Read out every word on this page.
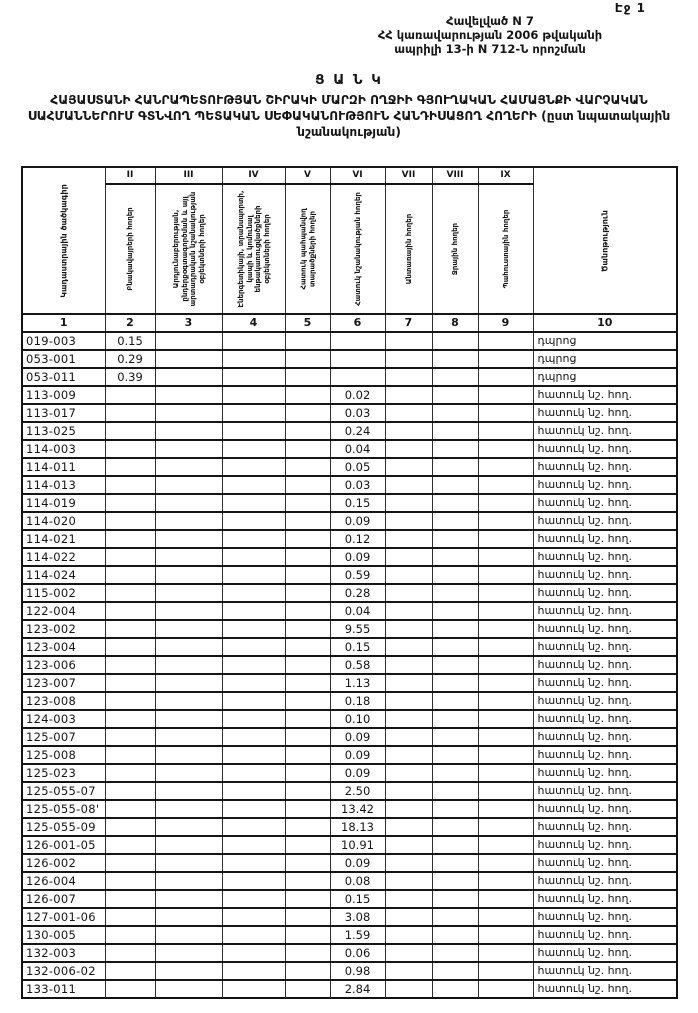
Էջ 1
Հավելված N 7
ՀՀ կառավարության 2006 թվականի
ապրիլի 13-ի N 712-Ն որոշման
Ց Ա Ն Կ
ՀԱՅԱՍՏԱՆԻ ՀԱՆՐԱՊԵՏՈՒԹՅԱՆ ՇԻՐԱԿԻ ՄԱՐԶԻ ՈՂՋԻԻ ԳՅՈՒՂԱԿԱՆ ՀԱՄԱՅՆՔԻ ՎԱՐՉԱԿԱՆ ՍԱՀՄԱՆՆԵՐՈՒՄ ԳՏՆՎՈՂ ՊԵՏԱԿԱՆ ՍԵՓԱԿԱՆՈՒԹՅՈՒՆ ՀԱՆԴԻՍԱՑՈՂ ՀՈՂԵՐԻ (ըստ նպատակային նշանակության)
Կադաստրային ծածկագիր	II	III	IV	V	VI	VII	VIII	IX	Ծանոթություն

	Բնակավայրերի հողեր	Արդյունաբերության, ընդերքօգտագործման և այլ արտադրական նշանակության օբյեկտների հողեր	Էներգետիկայի, տրանսպորտի, կապի և կոմունալ ենթակառուցվածքների օբյեկտների հողեր	Հատուկ պահպանվող տարածքների հողեր	Հատուկ նշանակության հողեր	Անտառային հողեր	Ջրային հողեր	Պահուստային հողեր	

1	2	3	4	5	6	7	8	9	10
019-003	0.15								դպրոց
053-001	0.29								դպրոց
053-011	0.39								դպրոց
113-009					0.02				հատուկ նշ. հող.
113-017					0.03				հատուկ նշ. հող.
113-025					0.24				հատուկ նշ. հող.
114-003					0.04				հատուկ նշ. հող.
114-011					0.05				հատուկ նշ. հող.
114-013					0.03				հատուկ նշ. հող.
114-019					0.15				հատուկ նշ. հող.
114-020					0.09				հատուկ նշ. հող.
114-021					0.12				հատուկ նշ. հող.
114-022					0.09				հատուկ նշ. հող.
114-024					0.59				հատուկ նշ. հող.
115-002					0.28				հատուկ նշ. հող.
122-004					0.04				հատուկ նշ. հող.
123-002					9.55				հատուկ նշ. հող.
123-004					0.15				հատուկ նշ. հող.
123-006					0.58				հատուկ նշ. հող.
123-007					1.13				հատուկ նշ. հող.
123-008					0.18				հատուկ նշ. հող.
124-003					0.10				հատուկ նշ. հող.
125-007					0.09				հատուկ նշ. հող.
125-008					0.09				հատուկ նշ. հող.
125-023					0.09				հատուկ նշ. հող.
125-055-07					2.50				հատուկ նշ. հող.
125-055-08'					13.42				հատուկ նշ. հող.
125-055-09					18.13				հատուկ նշ. հող.
126-001-05					10.91				հատուկ նշ. հող.
126-002					0.09				հատուկ նշ. հող.
126-004					0.08				հատուկ նշ. հող.
126-007					0.15				հատուկ նշ. հող.
127-001-06					3.08				հատուկ նշ. հող.
130-005					1.59				հատուկ նշ. հող.
132-003					0.06				հատուկ նշ. հող.
132-006-02					0.98				հատուկ նշ. հող.
133-011					2.84				հատուկ նշ. հող.
